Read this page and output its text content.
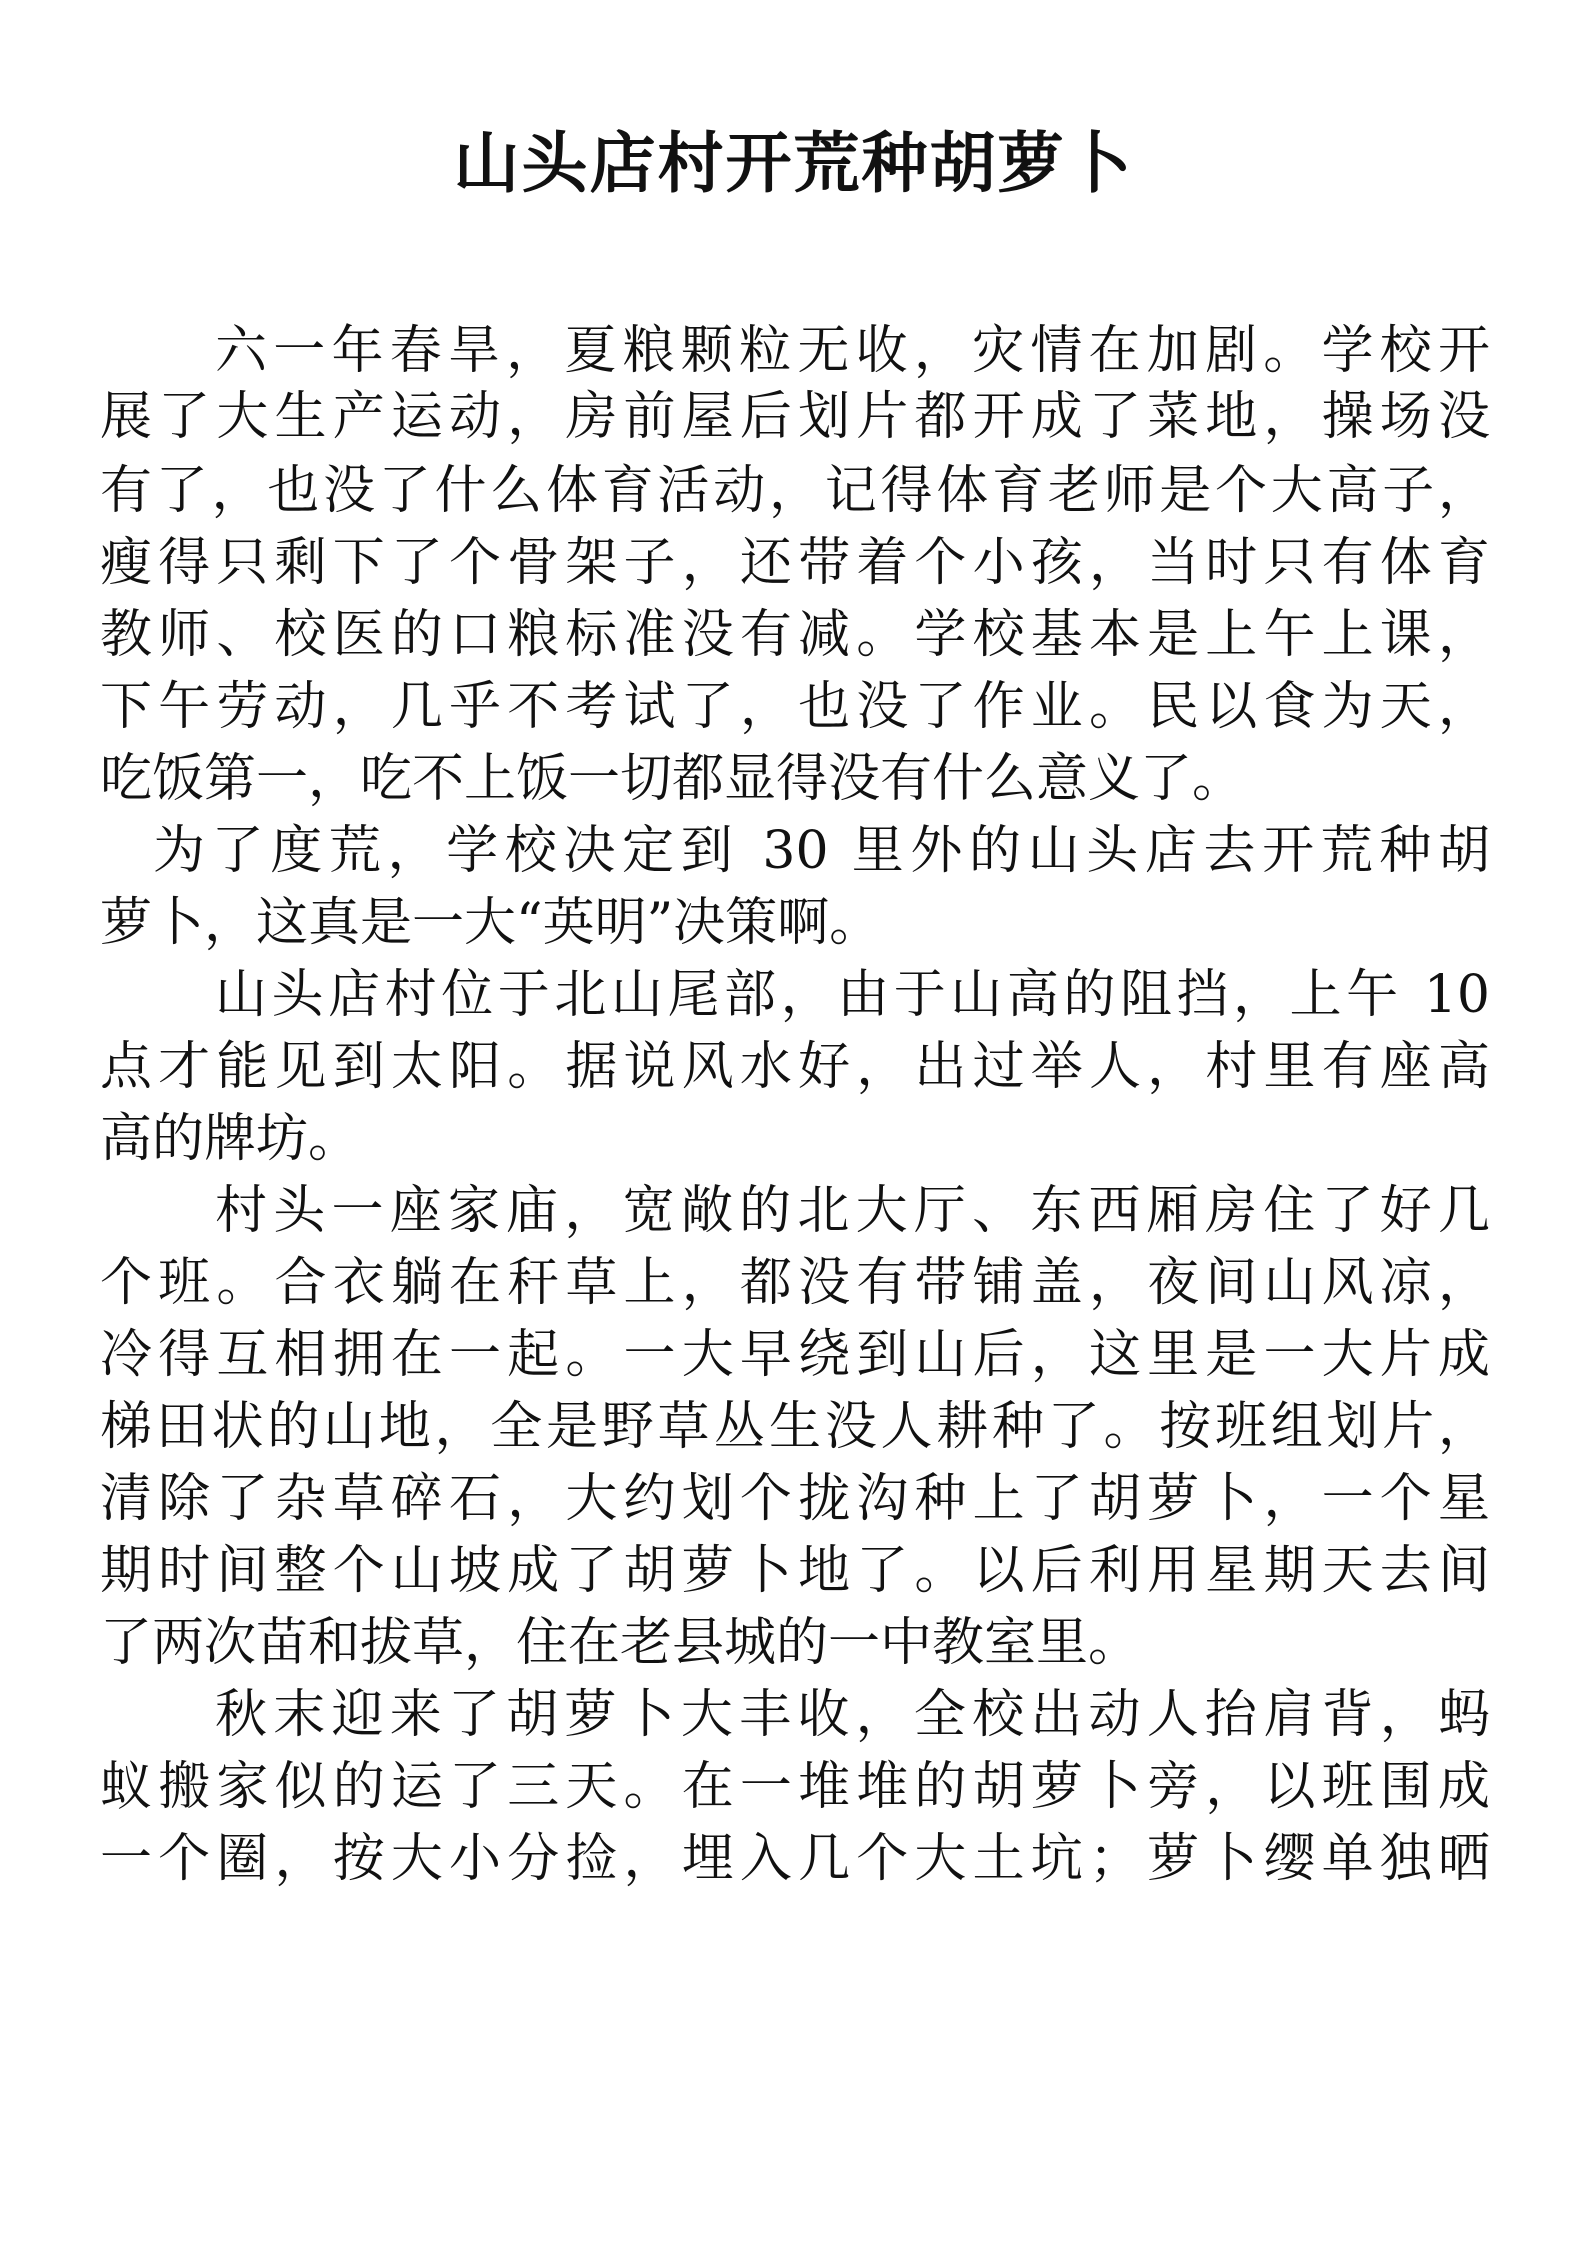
山头店村开荒种胡萝卜
六一年春旱，夏粮颗粒无收，灾情在加剧。学校开
展了大生产运动，房前屋后划片都开成了菜地，操场没
有了，也没了什么体育活动，记得体育老师是个大高子，
瘦得只剩下了个骨架子，还带着个小孩，当时只有体育
教师、校医的口粮标准没有减。学校基本是上午上课，
下午劳动，几乎不考试了，也没了作业。民以食为天，
吃饭第一，吃不上饭一切都显得没有什么意义了。
为了度荒，学校决定到 30 里外的山头店去开荒种胡
萝卜，这真是一大“英明”决策啊。
山头店村位于北山尾部，由于山高的阻挡，上午 10
点才能见到太阳。据说风水好，出过举人，村里有座高
高的牌坊。
村头一座家庙，宽敞的北大厅、东西厢房住了好几
个班。合衣躺在秆草上，都没有带铺盖，夜间山风凉，
冷得互相拥在一起。一大早绕到山后，这里是一大片成
梯田状的山地，全是野草丛生没人耕种了。按班组划片，
清除了杂草碎石，大约划个拢沟种上了胡萝卜，一个星
期时间整个山坡成了胡萝卜地了。以后利用星期天去间
了两次苗和拔草，住在老县城的一中教室里。
秋末迎来了胡萝卜大丰收，全校出动人抬肩背，蚂
蚁搬家似的运了三天。在一堆堆的胡萝卜旁，以班围成
一个圈，按大小分捡，埋入几个大土坑；萝卜缨单独晒
